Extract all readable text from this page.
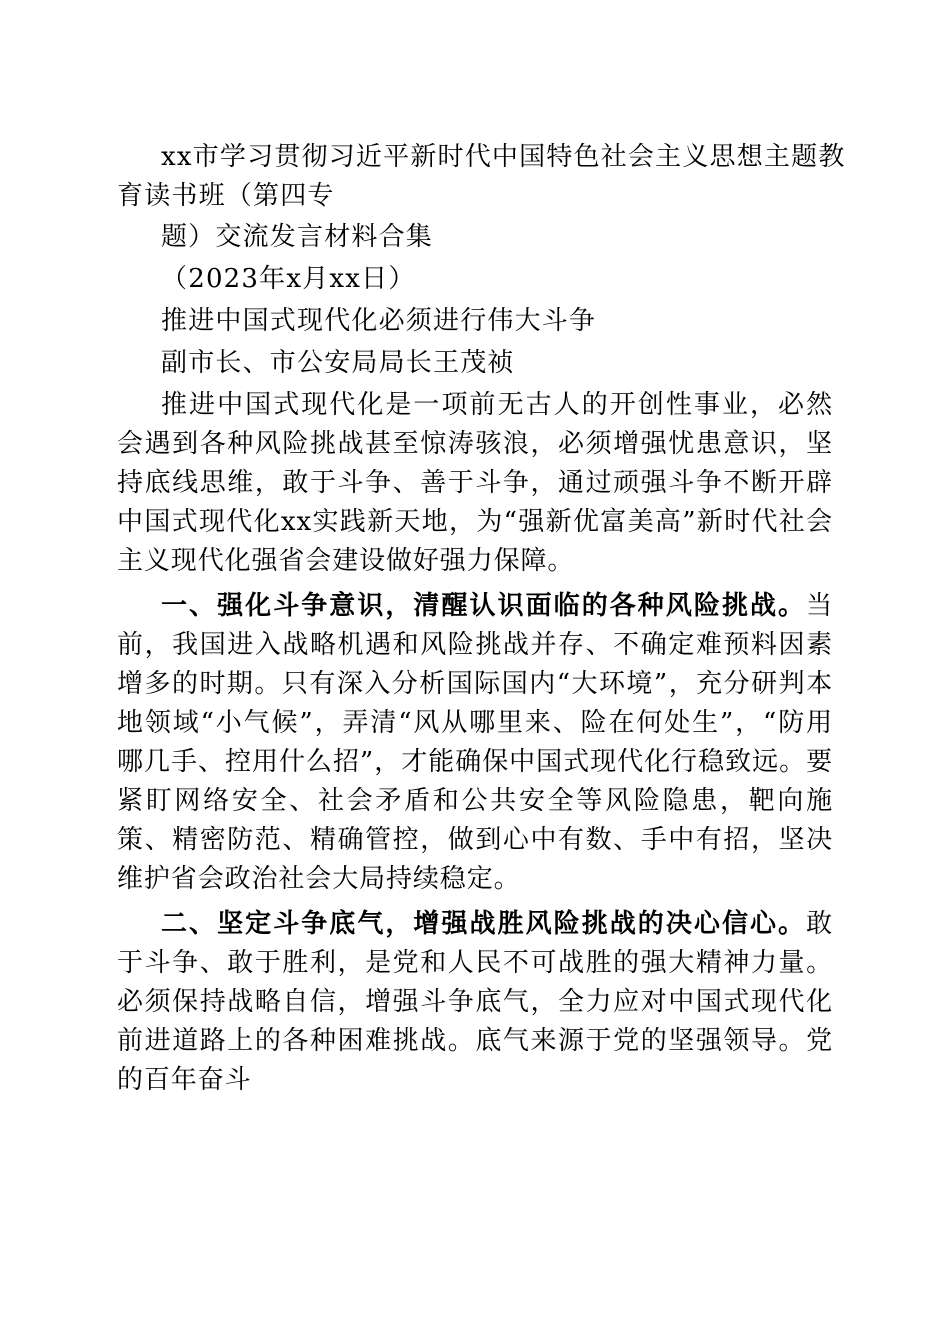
xx市学习贯彻习近平新时代中国特色社会主义思想主题教
育读书班（第四专
题）交流发言材料合集
（2023年x月xx日）
推进中国式现代化必须进行伟大斗争
副市长、市公安局局长王茂祯

推进中国式现代化是一项前无古人的开创性事业，必然会遇到各种风险挑战甚至惊涛骇浪，必须增强忧患意识，坚持底线思维，敢于斗争、善于斗争，通过顽强斗争不断开辟中国式现代化xx实践新天地，为“强新优富美高”新时代社会主义现代化强省会建设做好强力保障。

一、强化斗争意识，清醒认识面临的各种风险挑战。当前，我国进入战略机遇和风险挑战并存、不确定难预料因素增多的时期。只有深入分析国际国内“大环境”，充分研判本地领域“小气候”，弄清“风从哪里来、险在何处生”，“防用哪几手、控用什么招”，才能确保中国式现代化行稳致远。要紧盯网络安全、社会矛盾和公共安全等风险隐患，靶向施策、精密防范、精确管控，做到心中有数、手中有招，坚决维护省会政治社会大局持续稳定。

二、坚定斗争底气，增强战胜风险挑战的决心信心。敢于斗争、敢于胜利，是党和人民不可战胜的强大精神力量。必须保持战略自信，增强斗争底气，全力应对中国式现代化前进道路上的各种困难挑战。底气来源于党的坚强领导。党的百年奋斗
